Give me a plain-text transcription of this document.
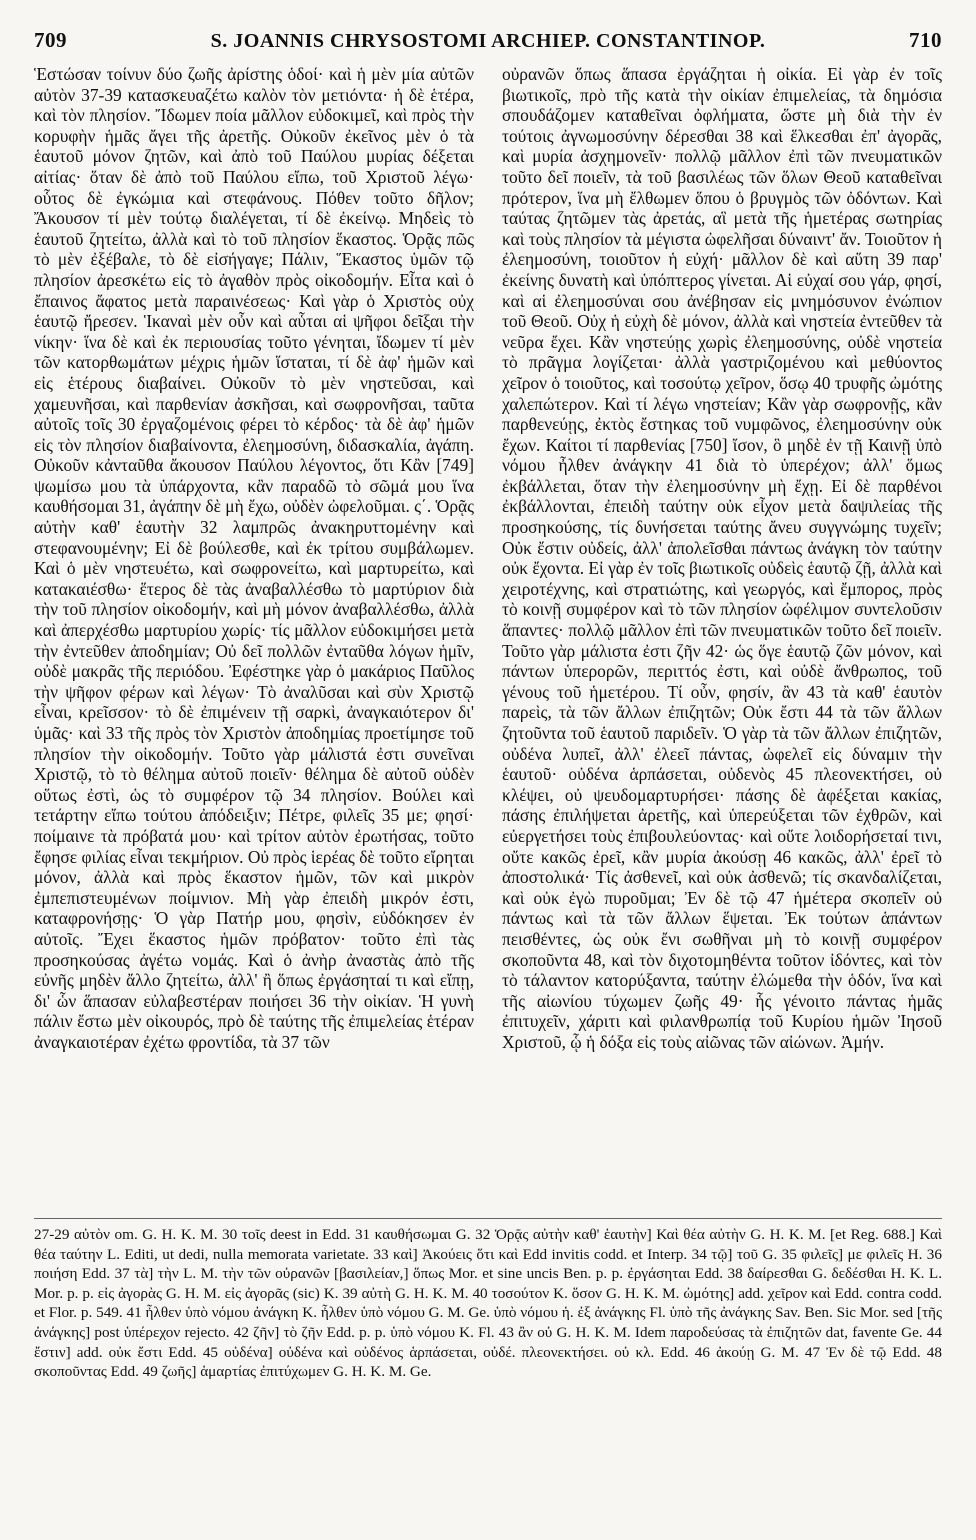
709	S. JOANNIS CHRYSOSTOMI ARCHIEP. CONSTANTINOP.	710

Ἑστώσαν τοίνυν δύο ζωῆς ἀρίστης ὁδοί· καὶ ἡ μὲν μία αὐτῶν αὐτὸν 37-39 κατασκευαζέτω καλὸν τὸν μετιόντα· ἡ δὲ ἑτέρα, καὶ τὸν πλησίον. Ἴδωμεν ποία μᾶλλον εὐδοκιμεῖ, καὶ πρὸς τὴν κορυφὴν ἡμᾶς ἄγει τῆς ἀρετῆς. Οὐκοῦν ἐκεῖνος μὲν ὁ τὰ ἑαυτοῦ μόνον ζητῶν, καὶ ἀπὸ τοῦ Παύλου μυρίας δέξεται αἰτίας· ὅταν δὲ ἀπὸ τοῦ Παύλου εἴπω, τοῦ Χριστοῦ λέγω· οὗτος δὲ ἐγκώμια καὶ στεφάνους. Πόθεν τοῦτο δῆλον; Ἄκουσον τί μὲν τούτῳ διαλέγεται, τί δὲ ἐκείνῳ. Μηδεὶς τὸ ἑαυτοῦ ζητείτω, ἀλλὰ καὶ τὸ τοῦ πλησίον ἕκαστος. Ὁρᾷς πῶς τὸ μὲν ἐξέβαλε, τὸ δὲ εἰσήγαγε; Πάλιν, Ἕκαστος ὑμῶν τῷ πλησίον ἀρεσκέτω εἰς τὸ ἀγαθὸν πρὸς οἰκοδομήν. Εἶτα καὶ ὁ ἔπαινος ἄφατος μετὰ παραινέσεως· Καὶ γὰρ ὁ Χριστὸς οὐχ ἑαυτῷ ἤρεσεν. Ἱκαναὶ μὲν οὖν καὶ αὗται αἱ ψῆφοι δεῖξαι τὴν νίκην· ἵνα δὲ καὶ ἐκ περιουσίας τοῦτο γένηται, ἴδωμεν τί μὲν τῶν κατορθωμάτων μέχρις ἡμῶν ἵσταται, τί δὲ ἀφ' ἡμῶν καὶ εἰς ἑτέρους διαβαίνει. Οὐκοῦν τὸ μὲν νηστεῦσαι, καὶ χαμευνῆσαι, καὶ παρθενίαν ἀσκῆσαι, καὶ σωφρονῆσαι, ταῦτα αὐτοῖς τοῖς 30 ἐργαζομένοις φέρει τὸ κέρδος· τὰ δὲ ἀφ' ἡμῶν εἰς τὸν πλησίον διαβαίνοντα, ἐλεημοσύνη, διδασκαλία, ἀγάπη. Οὐκοῦν κἀνταῦθα ἄκουσον Παύλου λέγοντος, ὅτι Κἂν [749] ψωμίσω μου τὰ ὑπάρχοντα, κἂν παραδῶ τὸ σῶμά μου ἵνα καυθήσομαι 31, ἀγάπην δὲ μὴ ἔχω, οὐδὲν ὠφελοῦμαι. ς΄. Ὁρᾷς αὐτὴν καθ' ἑαυτὴν 32 λαμπρῶς ἀνακηρυττομένην καὶ στεφανουμένην; Εἰ δὲ βούλεσθε, καὶ ἐκ τρίτου συμβάλωμεν. Καὶ ὁ μὲν νηστευέτω, καὶ σωφρονείτω, καὶ μαρτυρείτω, καὶ κατακαιέσθω· ἕτερος δὲ τὰς ἀναβαλλέσθω τὸ μαρτύριον διὰ τὴν τοῦ πλησίον οἰκοδομήν, καὶ μὴ μόνον ἀναβαλλέσθω, ἀλλὰ καὶ ἀπερχέσθω μαρτυρίου χωρίς· τίς μᾶλλον εὐδοκιμήσει μετὰ τὴν ἐντεῦθεν ἀποδημίαν; Οὐ δεῖ πολλῶν ἐνταῦθα λόγων ἡμῖν, οὐδὲ μακρᾶς τῆς περιόδου. Ἐφέστηκε γὰρ ὁ μακάριος Παῦλος τὴν ψῆφον φέρων καὶ λέγων· Τὸ ἀναλῦσαι καὶ σὺν Χριστῷ εἶναι, κρεῖσσον· τὸ δὲ ἐπιμένειν τῇ σαρκὶ, ἀναγκαιότερον δι' ὑμᾶς· καὶ 33 τῆς πρὸς τὸν Χριστὸν ἀποδημίας προετίμησε τοῦ πλησίον τὴν οἰκοδομήν. Τοῦτο γὰρ μάλιστά ἐστι συνεῖναι Χριστῷ, τὸ τὸ θέλημα αὐτοῦ ποιεῖν· θέλημα δὲ αὐτοῦ οὐδὲν οὕτως ἐστὶ, ὡς τὸ συμφέρον τῷ 34 πλησίον. Βούλει καὶ τετάρτην εἴπω τούτου ἀπόδειξιν; Πέτρε, φιλεῖς 35 με; φησί· ποίμαινε τὰ πρόβατά μου· καὶ τρίτον αὐτὸν ἐρωτήσας, τοῦτο ἔφησε φιλίας εἶναι τεκμήριον. Οὐ πρὸς ἱερέας δὲ τοῦτο εἴρηται μόνον, ἀλλὰ καὶ πρὸς ἕκαστον ἡμῶν, τῶν καὶ μικρὸν ἐμπεπιστευμένων ποίμνιον. Μὴ γὰρ ἐπειδὴ μικρόν ἐστι, καταφρονήσῃς· Ὁ γὰρ Πατήρ μου, φησὶν, εὐδόκησεν ἐν αὐτοῖς. Ἔχει ἕκαστος ἡμῶν πρόβατον· τοῦτο ἐπὶ τὰς προσηκούσας ἀγέτω νομάς. Καὶ ὁ ἀνὴρ ἀναστὰς ἀπὸ τῆς εὐνῆς μηδὲν ἄλλο ζητείτω, ἀλλ' ἢ ὅπως ἐργάσηταί τι καὶ εἴπῃ, δι' ὧν ἅπασαν εὐλαβεστέραν ποιήσει 36 τὴν οἰκίαν. Ἡ γυνὴ πάλιν ἔστω μὲν οἰκουρός, πρὸ δὲ ταύτης τῆς ἐπιμελείας ἑτέραν ἀναγκαιοτέραν ἐχέτω φροντίδα, τὰ 37 τῶν

οὐρανῶν ὅπως ἅπασα ἐργάζηται ἡ οἰκία. Εἰ γὰρ ἐν τοῖς βιωτικοῖς, πρὸ τῆς κατὰ τὴν οἰκίαν ἐπιμελείας, τὰ δημόσια σπουδάζομεν καταθεῖναι ὀφλήματα, ὥστε μὴ διὰ τὴν ἐν τούτοις ἀγνωμοσύνην δέρεσθαι 38 καὶ ἕλκεσθαι ἐπ' ἀγορᾶς, καὶ μυρία ἀσχημονεῖν· πολλῷ μᾶλλον ἐπὶ τῶν πνευματικῶν τοῦτο δεῖ ποιεῖν, τὰ τοῦ βασιλέως τῶν ὅλων Θεοῦ καταθεῖναι πρότερον, ἵνα μὴ ἔλθωμεν ὅπου ὁ βρυγμὸς τῶν ὀδόντων. Καὶ ταύτας ζητῶμεν τὰς ἀρετάς, αἳ μετὰ τῆς ἡμετέρας σωτηρίας καὶ τοὺς πλησίον τὰ μέγιστα ὠφελῆσαι δύναιντ' ἄν. Τοιοῦτον ἡ ἐλεημοσύνη, τοιοῦτον ἡ εὐχή· μᾶλλον δὲ καὶ αὕτη 39 παρ' ἐκείνης δυνατὴ καὶ ὑπόπτερος γίνεται. Αἱ εὐχαί σου γάρ, φησί, καὶ αἱ ἐλεημοσύναι σου ἀνέβησαν εἰς μνημόσυνον ἐνώπιον τοῦ Θεοῦ. Οὐχ ἡ εὐχὴ δὲ μόνον, ἀλλὰ καὶ νηστεία ἐντεῦθεν τὰ νεῦρα ἔχει. Κἂν νηστεύῃς χωρὶς ἐλεημοσύνης, οὐδὲ νηστεία τὸ πρᾶγμα λογίζεται· ἀλλὰ γαστριζομένου καὶ μεθύοντος χεῖρον ὁ τοιοῦτος, καὶ τοσούτῳ χεῖρον, ὅσῳ 40 τρυφῆς ὠμότης χαλεπώτερον. Καὶ τί λέγω νηστείαν; Κἂν γὰρ σωφρονῇς, κἂν παρθενεύῃς, ἐκτὸς ἔστηκας τοῦ νυμφῶνος, ἐλεημοσύνην οὐκ ἔχων. Καίτοι τί παρθενίας [750] ἴσον, ὃ μηδὲ ἐν τῇ Καινῇ ὑπὸ νόμου ἦλθεν ἀνάγκην 41 διὰ τὸ ὑπερέχον; ἀλλ' ὅμως ἐκβάλλεται, ὅταν τὴν ἐλεημοσύνην μὴ ἔχῃ. Εἰ δὲ παρθένοι ἐκβάλλονται, ἐπειδὴ ταύτην οὐκ εἶχον μετὰ δαψιλείας τῆς προσηκούσης, τίς δυνήσεται ταύτης ἄνευ συγγνώμης τυχεῖν; Οὐκ ἔστιν οὐδείς, ἀλλ' ἀπολεῖσθαι πάντως ἀνάγκη τὸν ταύτην οὐκ ἔχοντα. Εἰ γὰρ ἐν τοῖς βιωτικοῖς οὐδεὶς ἑαυτῷ ζῇ, ἀλλὰ καὶ χειροτέχνης, καὶ στρατιώτης, καὶ γεωργός, καὶ ἔμπορος, πρὸς τὸ κοινῇ συμφέρον καὶ τὸ τῶν πλησίον ὠφέλιμον συντελοῦσιν ἅπαντες· πολλῷ μᾶλλον ἐπὶ τῶν πνευματικῶν τοῦτο δεῖ ποιεῖν. Τοῦτο γὰρ μάλιστα ἐστι ζῆν 42· ὡς ὅγε ἑαυτῷ ζῶν μόνον, καὶ πάντων ὑπερορῶν, περιττός ἐστι, καὶ οὐδὲ ἄνθρωπος, τοῦ γένους τοῦ ἡμετέρου. Τί οὖν, φησίν, ἂν 43 τὰ καθ' ἑαυτὸν παρεὶς, τὰ τῶν ἄλλων ἐπιζητῶν; Οὐκ ἔστι 44 τὰ τῶν ἄλλων ζητοῦντα τοῦ ἑαυτοῦ παριδεῖν. Ὁ γὰρ τὰ τῶν ἄλλων ἐπιζητῶν, οὐδένα λυπεῖ, ἀλλ' ἐλεεῖ πάντας, ὠφελεῖ εἰς δύναμιν τὴν ἑαυτοῦ· οὐδένα ἁρπάσεται, οὐδενὸς 45 πλεονεκτήσει, οὐ κλέψει, οὐ ψευδομαρτυρήσει· πάσης δὲ ἀφέξεται κακίας, πάσης ἐπιλήψεται ἀρετῆς, καὶ ὑπερεύξεται τῶν ἐχθρῶν, καὶ εὐεργετήσει τοὺς ἐπιβουλεύοντας· καὶ οὔτε λοιδορήσεταί τινι, οὔτε κακῶς ἐρεῖ, κἂν μυρία ἀκούσῃ 46 κακῶς, ἀλλ' ἐρεῖ τὸ ἀποστολικά· Τίς ἀσθενεῖ, καὶ οὐκ ἀσθενῶ; τίς σκανδαλίζεται, καὶ οὐκ ἐγὼ πυροῦμαι; Ἐν δὲ τῷ 47 ἡμέτερα σκοπεῖν οὐ πάντως καὶ τὰ τῶν ἄλλων ἕψεται. Ἐκ τούτων ἁπάντων πεισθέντες, ὡς οὐκ ἔνι σωθῆναι μὴ τὸ κοινῇ συμφέρον σκοποῦντα 48, καὶ τὸν διχοτομηθέντα τοῦτον ἰδόντες, καὶ τὸν τὸ τάλαντον κατορύξαντα, ταύτην ἐλώμεθα τὴν ὁδόν, ἵνα καὶ τῆς αἰωνίου τύχωμεν ζωῆς 49· ἧς γένοιτο πάντας ἡμᾶς ἐπιτυχεῖν, χάριτι καὶ φιλανθρωπίᾳ τοῦ Κυρίου ἡμῶν Ἰησοῦ Χριστοῦ, ᾧ ἡ δόξα εἰς τοὺς αἰῶνας τῶν αἰώνων. Ἀμήν.

27-29 αὐτὸν om. G. H. K. M. 30 τοῖς deest in Edd. 31 καυθήσωμαι G. 32 Ὁρᾷς αὐτὴν καθ' ἑαυτὴν] Καὶ θέα αὐτὴν G. H. K. M. [et Reg. 688.] Καὶ θέα ταύτην L. Editi, ut dedi, nulla memorata varietate. 33 καὶ] Ἀκούεις ὅτι καὶ Edd invitis codd. et Interp. 34 τῷ] τοῦ G. 35 φιλεῖς] με φιλεῖς H. 36 ποιήση Edd. 37 τὰ] τὴν L. M. τὴν τῶν οὐρανῶν [βασιλείαν,] ὅπως Mor. et sine uncis Ben. p. p. ἐργάσηται Edd. 38 δαίρεσθαι G. δεδέσθαι H. K. L. Mor. p. p. εἰς ἀγορὰς G. H. M. εἰς ἀγορᾶς (sic) K. 39 αὐτὴ G. H. K. M. 40 τοσούτον K. ὅσον G. H. K. M. ὠμότης] add. χεῖρον καὶ Edd. contra codd. et Flor. p. 549. 41 ἦλθεν ὑπὸ νόμου ἀνάγκη K. ἦλθεν ὑπὸ νόμου G. M. Ge. ὑπὸ νόμου ἡ. ἐξ ἀνάγκης Fl. ὑπὸ τῆς ἀνάγκης Sav. Ben. Sic Mor. sed [τῆς ἀνάγκης] post ὑπέρεχον rejecto. 42 ζῆν] τὸ ζῆν Edd. p. p. ὑπὸ νόμου K. Fl. 43 ἂν οὐ G. H. K. M. Idem παροδεύσας τὰ ἐπιζητῶν dat, favente Ge. 44 ἔστιν] add. οὐκ ἔστι Edd. 45 οὐδένα] οὐδένα καὶ οὐδένος ἁρπάσεται, οὐδέ. πλεονεκτήσει. οὐ κλ. Edd. 46 ἀκούῃ G. M. 47 Ἐν δὲ τῷ Edd. 48 σκοποῦντας Edd. 49 ζωῆς] ἁμαρτίας ἐπιτύχωμεν G. H. K. M. Ge.
